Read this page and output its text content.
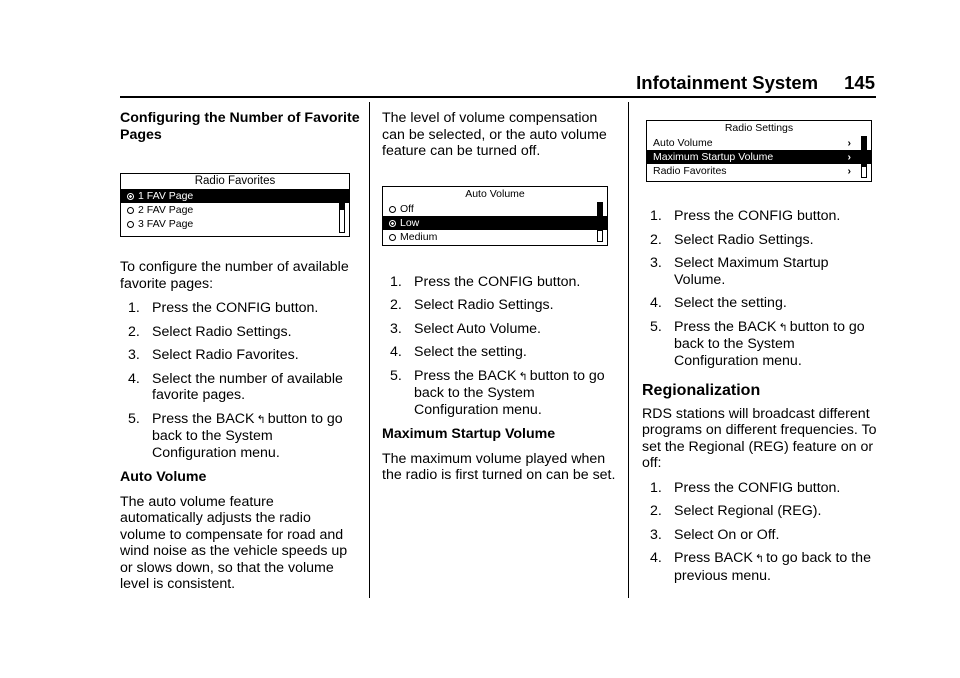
Infotainment System 145
Configuring the Number of Favorite Pages
Radio Favorites
1 FAV Page
2 FAV Page
3 FAV Page

To configure the number of available favorite pages:

1. Press the CONFIG button.
2. Select Radio Settings.
3. Select Radio Favorites.
4. Select the number of available favorite pages.
5. Press the BACK ↰ button to go back to the System Configuration menu.
Auto Volume

The auto volume feature automatically adjusts the radio volume to compensate for road and wind noise as the vehicle speeds up or slows down, so that the volume level is consistent.

The level of volume compensation can be selected, or the auto volume feature can be turned off.

Auto Volume
Off
Low
Medium
1. Press the CONFIG button.
2. Select Radio Settings.
3. Select Auto Volume.
4. Select the setting.
5. Press the BACK ↰ button to go back to the System Configuration menu.
Maximum Startup Volume

The maximum volume played when the radio is first turned on can be set.

Radio Settings
Auto Volume	›
Maximum Startup Volume	›
Radio Favorites	›
1. Press the CONFIG button.
2. Select Radio Settings.
3. Select Maximum Startup Volume.
4. Select the setting.
5. Press the BACK ↰ button to go back to the System Configuration menu.
Regionalization

RDS stations will broadcast different programs on different frequencies. To set the Regional (REG) feature on or off:

1. Press the CONFIG button.
2. Select Regional (REG).
3. Select On or Off.
4. Press BACK ↰ to go back to the previous menu.
